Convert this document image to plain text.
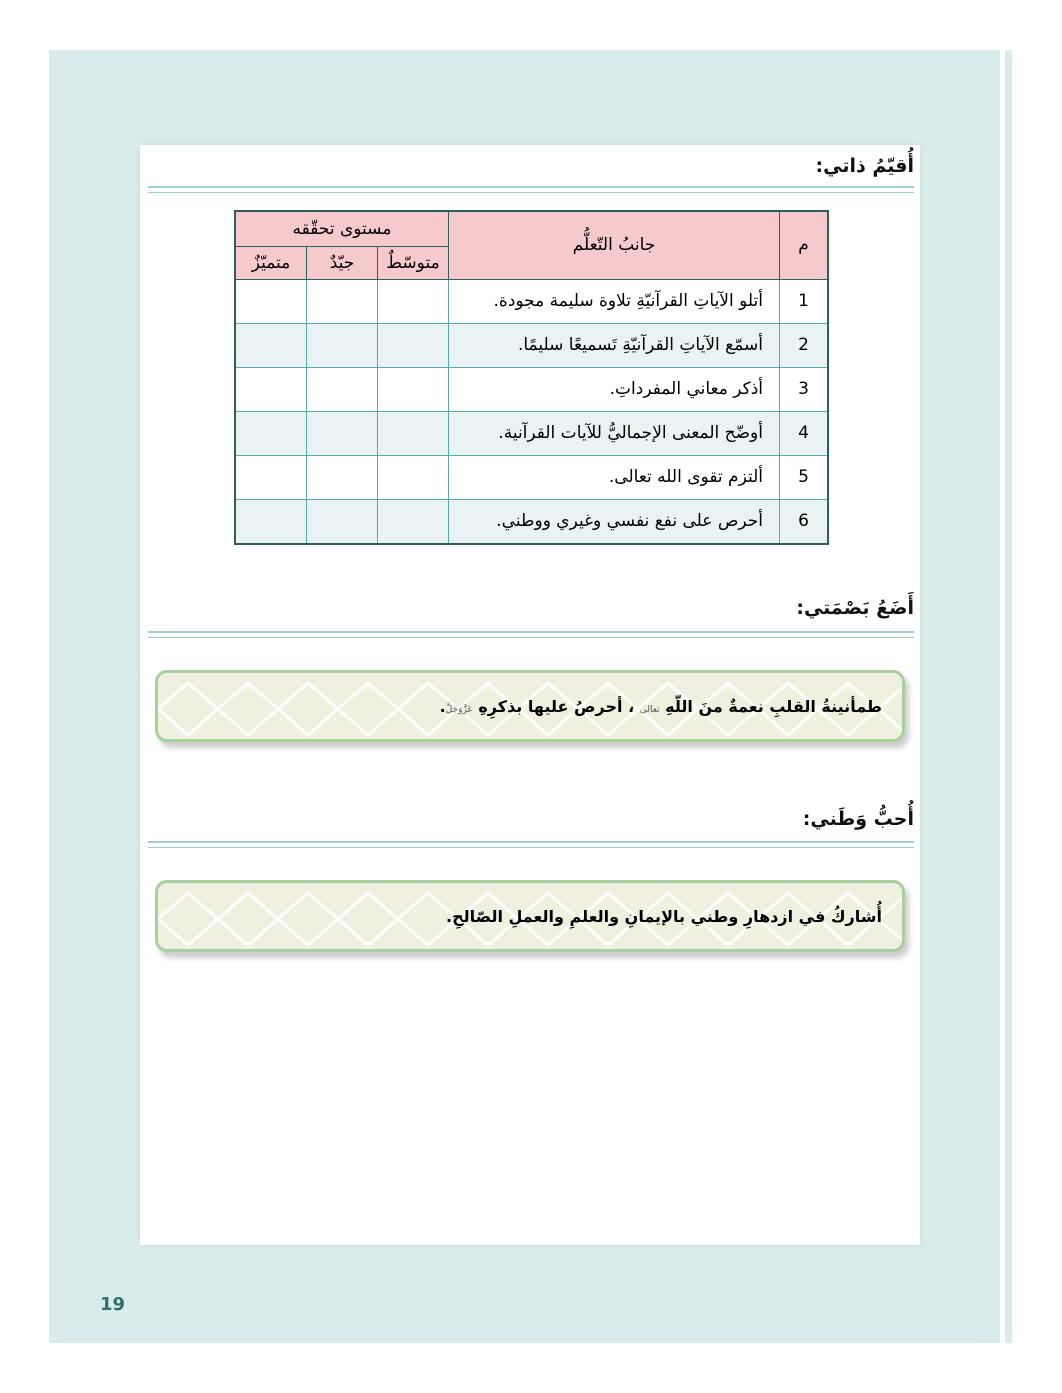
أُقيّمُ ذاتي:
م	جانبُ التّعلُّم	مستوى تحقّقه		
		متوسّطٌ	جيّدٌ	متميّزٌ
1	أتلو الآياتِ القرآنيّةِ تلاوة سليمة مجودة.			
2	أسمّع الآياتِ القرآنيّةِ تَسميعًا سليمًا.			
3	أذكر معاني المفرداتِ.			
4	أوضّح المعنى الإجماليُّ للآيات القرآنية.			
5	ألتزم تقوى الله تعالى.			
6	أحرص على نفع نفسي وغيري ووطني.			
أَضَعُ بَصْمَتي:
طمأنينةُ القلبِ نعمةٌ منَ اللّهِ تعالى ، أحرصُ عليها بذكرِهِ عَزَّوَجَلَّ.
أُحبُّ وَطَني:
أُشاركُ في ازدهارِ وطني بالإيمانِ والعلمِ والعملِ الصّالحِ.
19
